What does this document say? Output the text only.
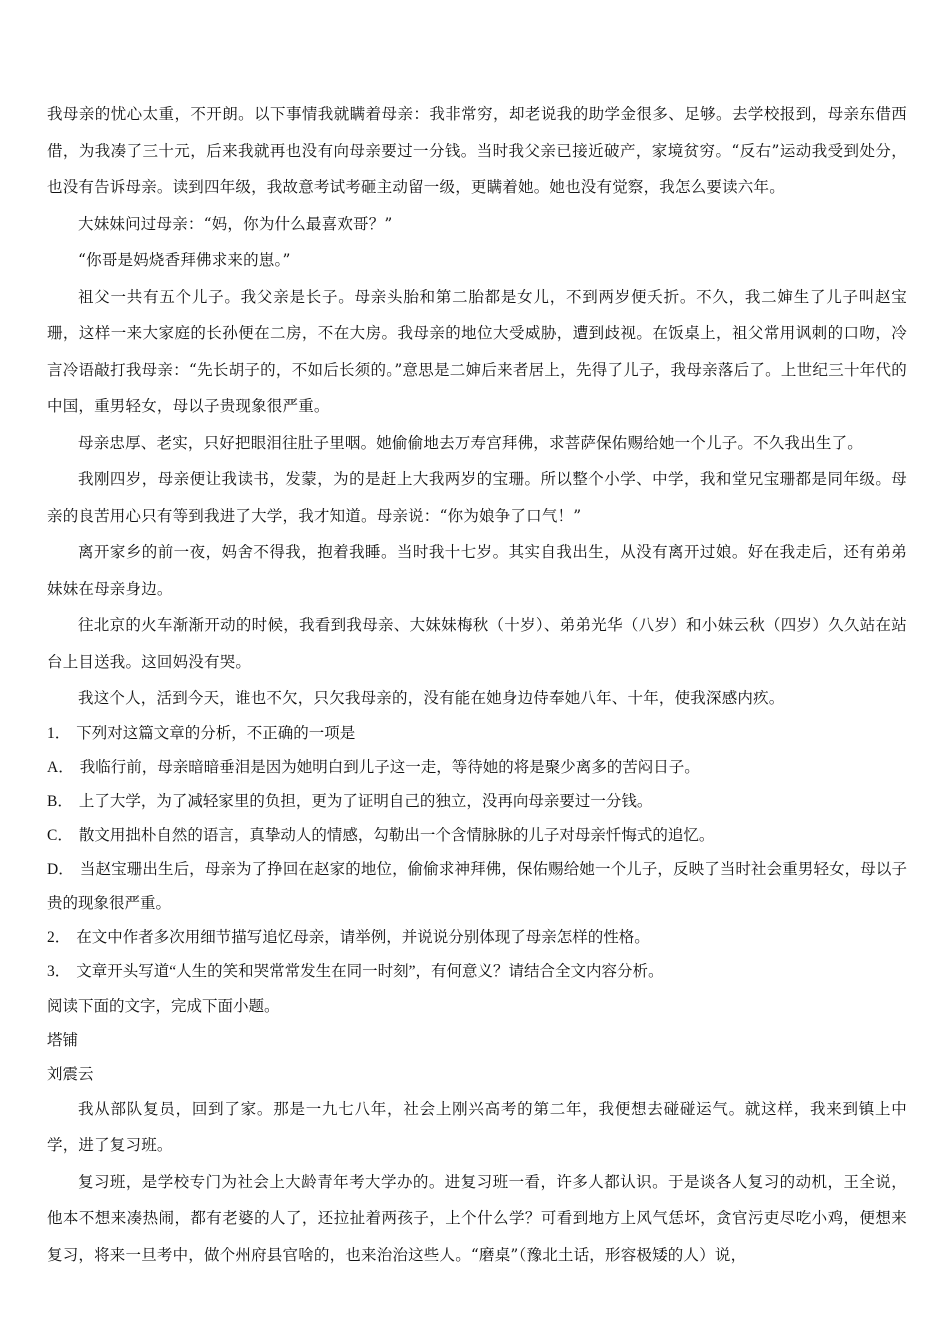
我母亲的忧心太重，不开朗。以下事情我就瞒着母亲：我非常穷，却老说我的助学金很多、足够。去学校报到，母亲东借西借，为我凑了三十元，后来我就再也没有向母亲要过一分钱。当时我父亲已接近破产，家境贫穷。“反右”运动我受到处分，也没有告诉母亲。读到四年级，我故意考试考砸主动留一级，更瞒着她。她也没有觉察，我怎么要读六年。

大妹妹问过母亲：“妈，你为什么最喜欢哥？”

“你哥是妈烧香拜佛求来的崽。”

祖父一共有五个儿子。我父亲是长子。母亲头胎和第二胎都是女儿，不到两岁便夭折。不久，我二婶生了儿子叫赵宝珊，这样一来大家庭的长孙便在二房，不在大房。我母亲的地位大受威胁，遭到歧视。在饭桌上，祖父常用讽刺的口吻，冷言冷语敲打我母亲：“先长胡子的，不如后长须的。”意思是二婶后来者居上，先得了儿子，我母亲落后了。上世纪三十年代的中国，重男轻女，母以子贵现象很严重。

母亲忠厚、老实，只好把眼泪往肚子里咽。她偷偷地去万寿宫拜佛，求菩萨保佑赐给她一个儿子。不久我出生了。

我刚四岁，母亲便让我读书，发蒙，为的是赶上大我两岁的宝珊。所以整个小学、中学，我和堂兄宝珊都是同年级。母亲的良苦用心只有等到我进了大学，我才知道。母亲说：“你为娘争了口气！”

离开家乡的前一夜，妈舍不得我，抱着我睡。当时我十七岁。其实自我出生，从没有离开过娘。好在我走后，还有弟弟妹妹在母亲身边。

往北京的火车渐渐开动的时候，我看到我母亲、大妹妹梅秋（十岁）、弟弟光华（八岁）和小妹云秋（四岁）久久站在站台上目送我。这回妈没有哭。

我这个人，活到今天，谁也不欠，只欠我母亲的，没有能在她身边侍奉她八年、十年，使我深感内疚。

1． 下列对这篇文章的分析，不正确的一项是

A． 我临行前，母亲暗暗垂泪是因为她明白到儿子这一走，等待她的将是聚少离多的苦闷日子。

B． 上了大学，为了减轻家里的负担，更为了证明自己的独立，没再向母亲要过一分钱。

C． 散文用拙朴自然的语言，真挚动人的情感，勾勒出一个含情脉脉的儿子对母亲忏悔式的追忆。

D． 当赵宝珊出生后，母亲为了挣回在赵家的地位，偷偷求神拜佛，保佑赐给她一个儿子，反映了当时社会重男轻女，母以子贵的现象很严重。

2． 在文中作者多次用细节描写追忆母亲，请举例，并说说分别体现了母亲怎样的性格。

3． 文章开头写道“人生的笑和哭常常发生在同一时刻”，有何意义？请结合全文内容分析。

阅读下面的文字，完成下面小题。

塔铺

刘震云

我从部队复员，回到了家。那是一九七八年，社会上刚兴高考的第二年，我便想去碰碰运气。就这样，我来到镇上中学，进了复习班。

复习班，是学校专门为社会上大龄青年考大学办的。进复习班一看，许多人都认识。于是谈各人复习的动机，王全说，他本不想来凑热闹，都有老婆的人了，还拉扯着两孩子，上个什么学？可看到地方上风气恁坏，贪官污吏尽吃小鸡，便想来复习，将来一旦考中，做个州府县官啥的，也来治治这些人。“磨桌”（豫北土话，形容极矮的人）说，
